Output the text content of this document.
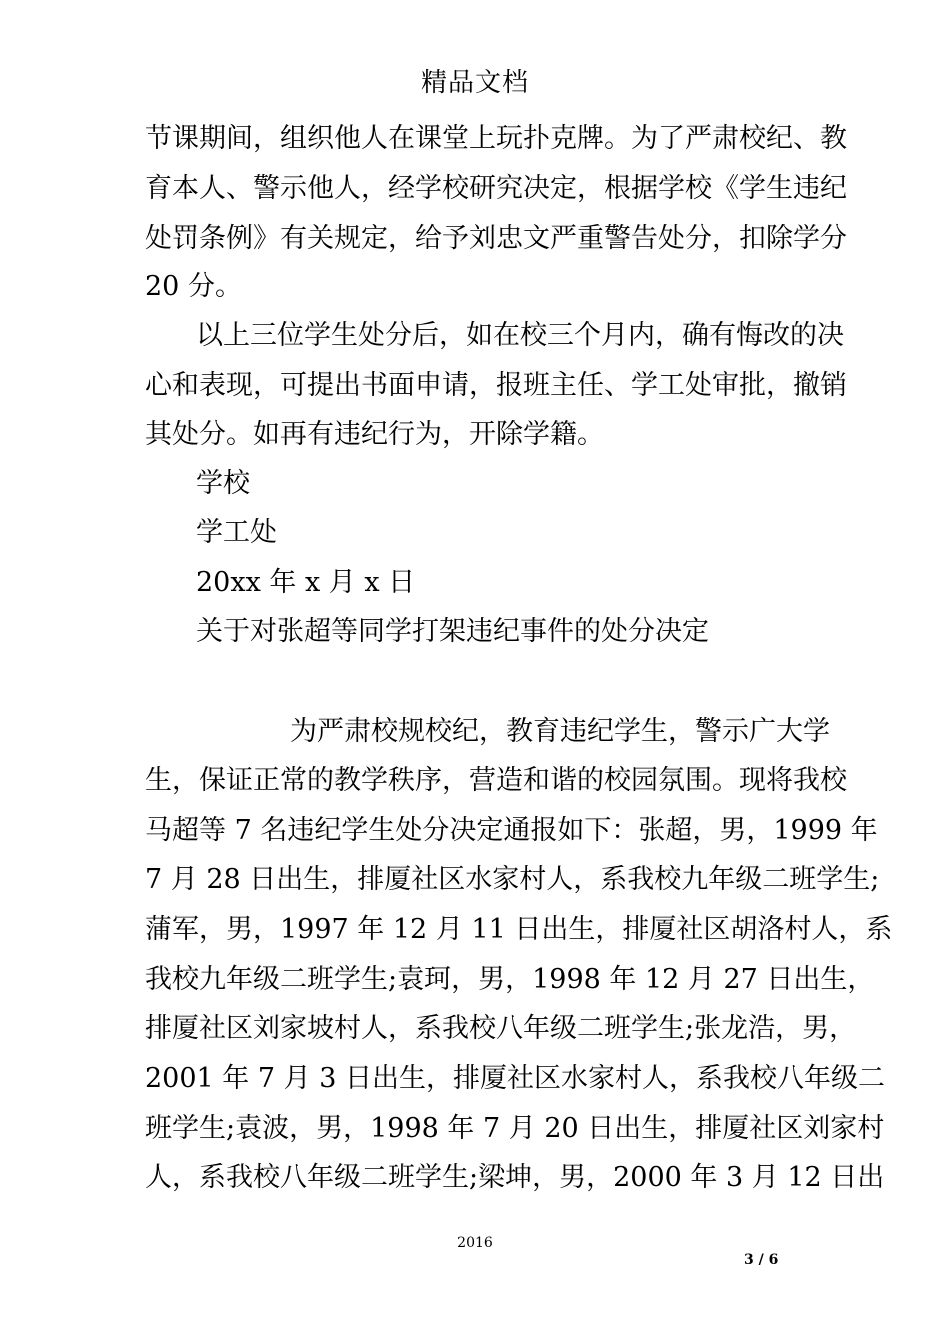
精品文档
节课期间，组织他人在课堂上玩扑克牌。为了严肃校纪、教
育本人、警示他人，经学校研究决定，根据学校《学生违纪
处罚条例》有关规定，给予刘忠文严重警告处分，扣除学分
20 分。
以上三位学生处分后，如在校三个月内，确有悔改的决
心和表现，可提出书面申请，报班主任、学工处审批，撤销
其处分。如再有违纪行为，开除学籍。
学校
学工处
20xx 年 x 月 x 日
关于对张超等同学打架违纪事件的处分决定
为严肃校规校纪，教育违纪学生，警示广大学
生，保证正常的教学秩序，营造和谐的校园氛围。现将我校
马超等 7 名违纪学生处分决定通报如下：张超，男，1999 年
7 月 28 日出生，排厦社区水家村人，系我校九年级二班学生;
蒲军，男，1997 年 12 月 11 日出生，排厦社区胡洛村人，系
我校九年级二班学生;袁珂，男，1998 年 12 月 27 日出生，
排厦社区刘家坡村人，系我校八年级二班学生;张龙浩，男，
2001 年 7 月 3 日出生，排厦社区水家村人，系我校八年级二
班学生;袁波，男，1998 年 7 月 20 日出生，排厦社区刘家村
人，系我校八年级二班学生;梁坤，男，2000 年 3 月 12 日出
2016
3 / 6
